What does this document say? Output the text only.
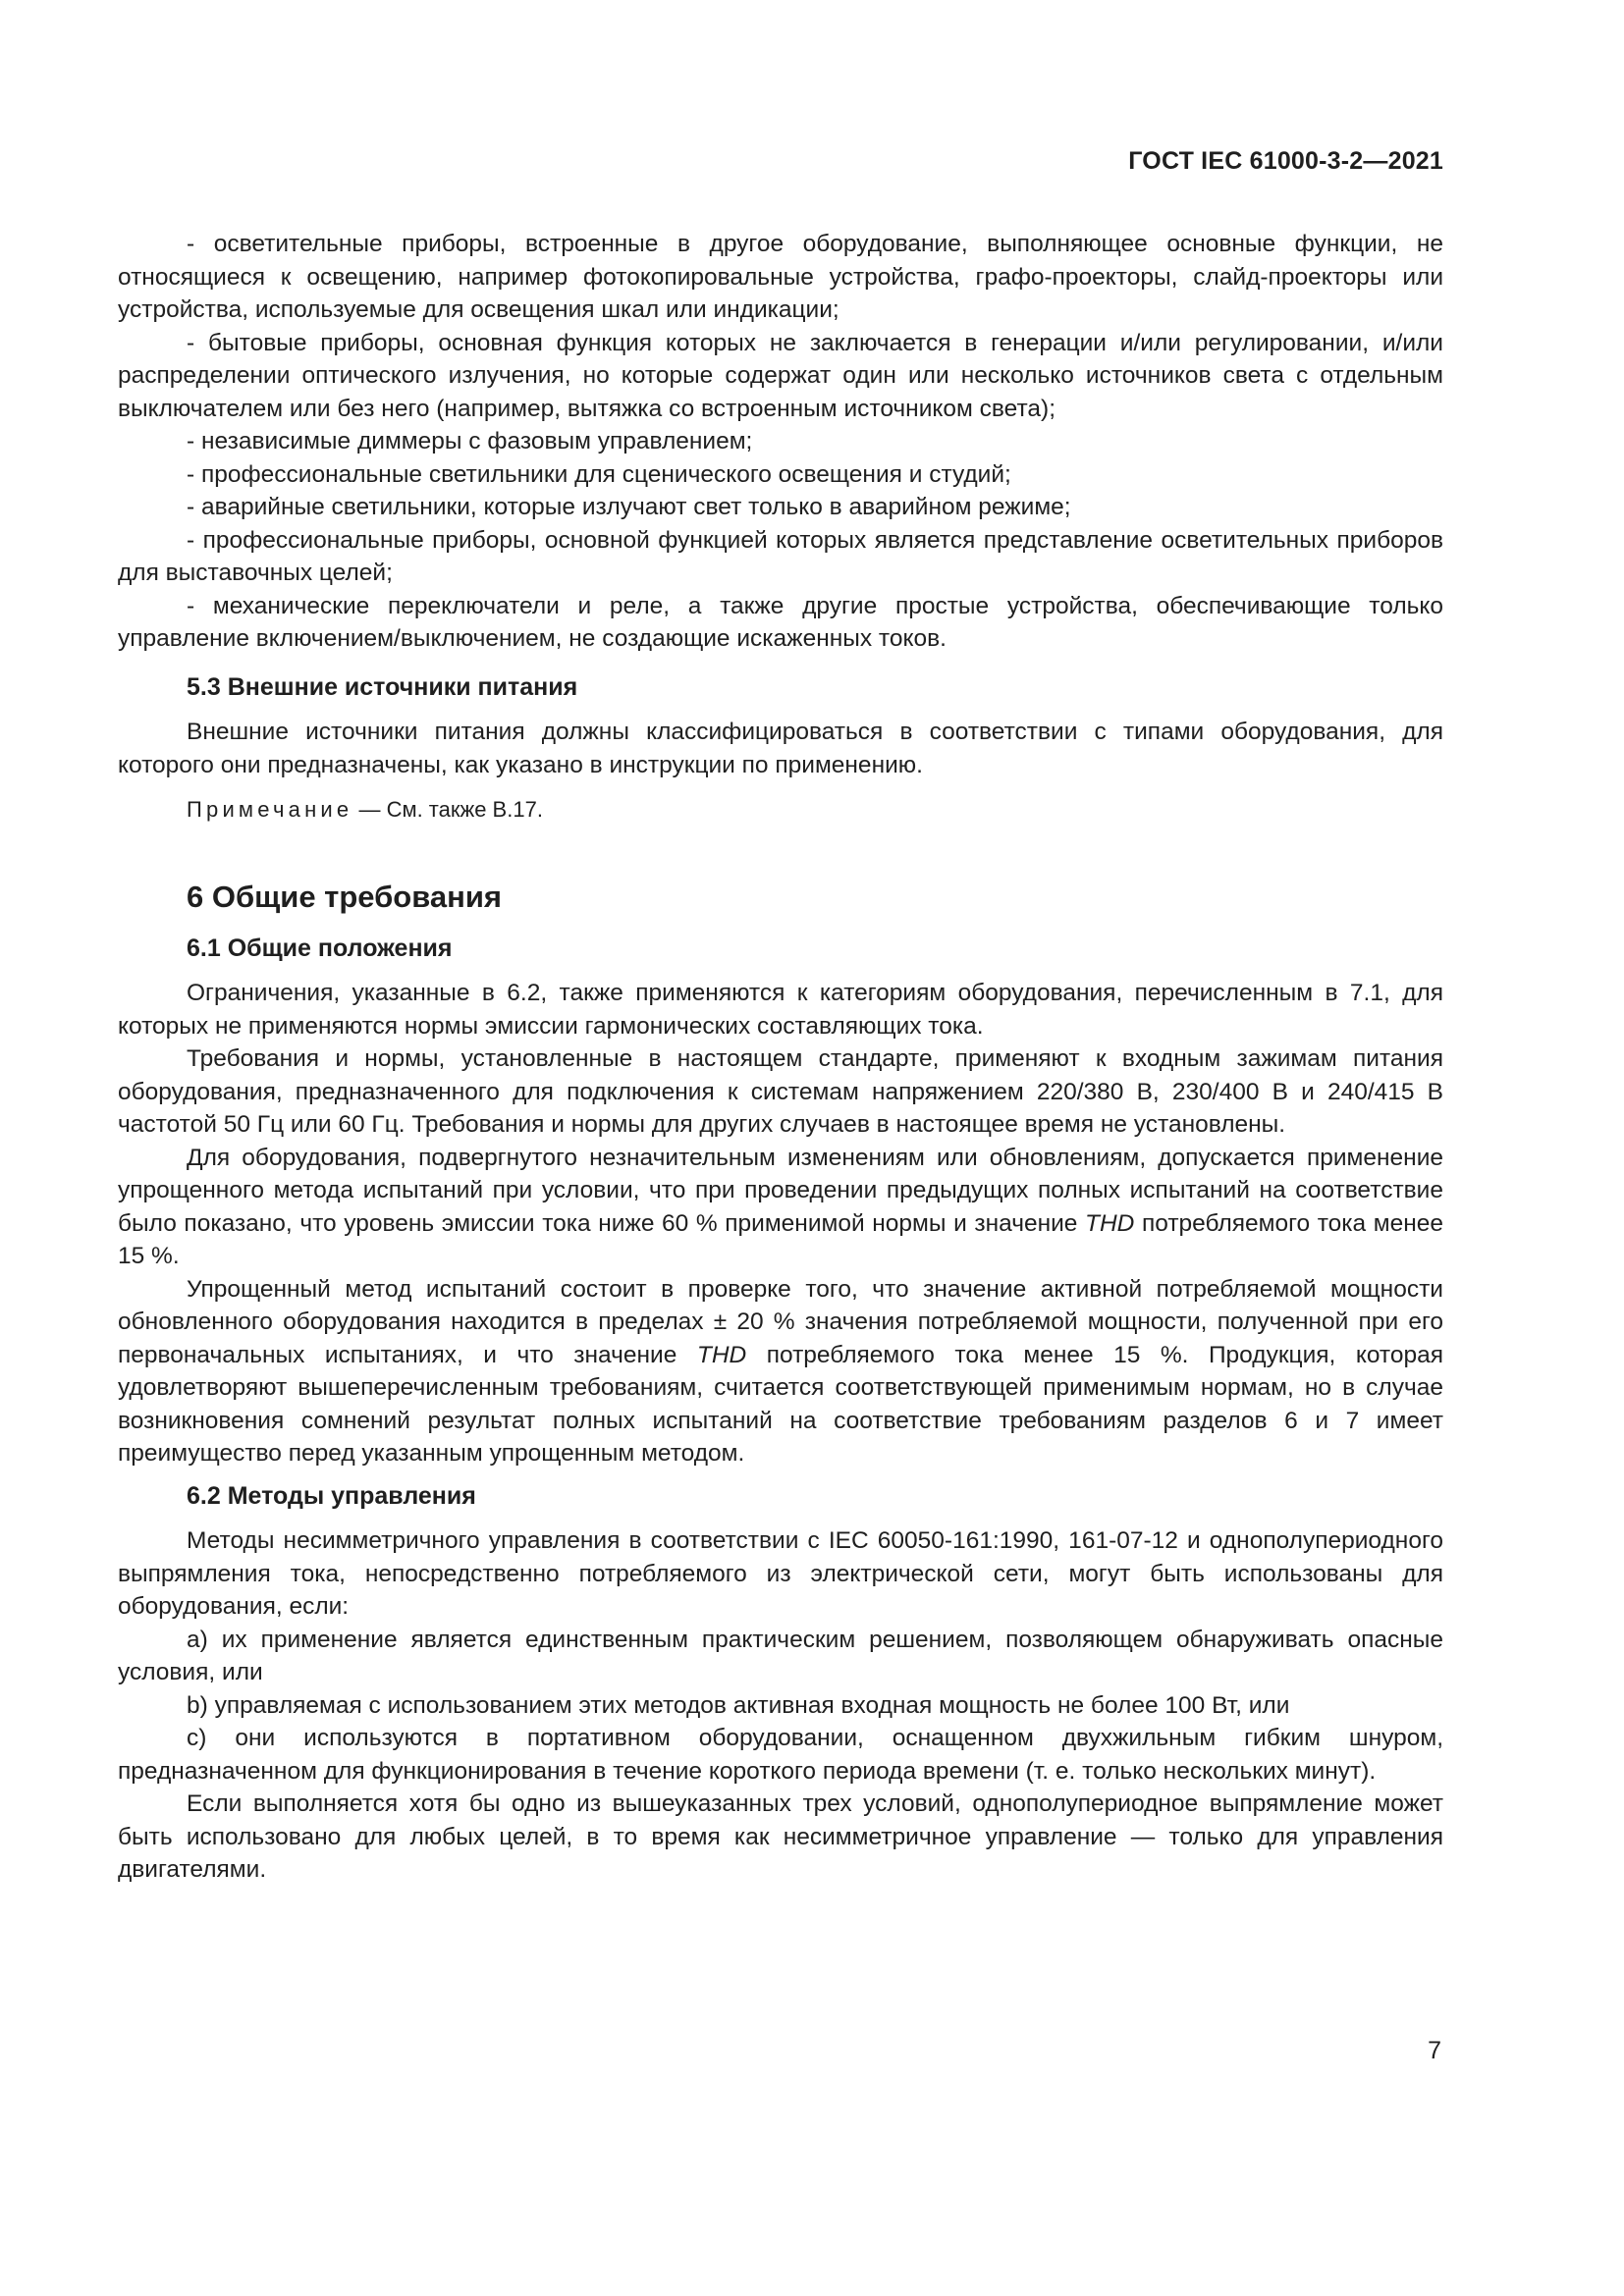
ГОСТ IEC 61000-3-2—2021

- осветительные приборы, встроенные в другое оборудование, выполняющее основные функции, не относящиеся к освещению, например фотокопировальные устройства, графо-проекторы, слайд-проекторы или устройства, используемые для освещения шкал или индикации;

- бытовые приборы, основная функция которых не заключается в генерации и/или регулировании, и/или распределении оптического излучения, но которые содержат один или несколько источников света с отдельным выключателем или без него (например, вытяжка со встроенным источником света);

- независимые диммеры с фазовым управлением;

- профессиональные светильники для сценического освещения и студий;

- аварийные светильники, которые излучают свет только в аварийном режиме;

- профессиональные приборы, основной функцией которых является представление осветительных приборов для выставочных целей;

- механические переключатели и реле, а также другие простые устройства, обеспечивающие только управление включением/выключением, не создающие искаженных токов.

5.3 Внешние источники питания

Внешние источники питания должны классифицироваться в соответствии с типами оборудования, для которого они предназначены, как указано в инструкции по применению.

Примечание — См. также В.17.

6 Общие требования
6.1 Общие положения

Ограничения, указанные в 6.2, также применяются к категориям оборудования, перечисленным в 7.1, для которых не применяются нормы эмиссии гармонических составляющих тока.

Требования и нормы, установленные в настоящем стандарте, применяют к входным зажимам питания оборудования, предназначенного для подключения к системам напряжением 220/380 В, 230/400 В и 240/415 В частотой 50 Гц или 60 Гц. Требования и нормы для других случаев в настоящее время не установлены.

Для оборудования, подвергнутого незначительным изменениям или обновлениям, допускается применение упрощенного метода испытаний при условии, что при проведении предыдущих полных испытаний на соответствие было показано, что уровень эмиссии тока ниже 60 % применимой нормы и значение THD потребляемого тока менее 15 %.

Упрощенный метод испытаний состоит в проверке того, что значение активной потребляемой мощности обновленного оборудования находится в пределах ± 20 % значения потребляемой мощности, полученной при его первоначальных испытаниях, и что значение THD потребляемого тока менее 15 %. Продукция, которая удовлетворяют вышеперечисленным требованиям, считается соответствующей применимым нормам, но в случае возникновения сомнений результат полных испытаний на соответствие требованиям разделов 6 и 7 имеет преимущество перед указанным упрощенным методом.

6.2 Методы управления

Методы несимметричного управления в соответствии с IEC 60050-161:1990, 161-07-12 и однополупериодного выпрямления тока, непосредственно потребляемого из электрической сети, могут быть использованы для оборудования, если:

a) их применение является единственным практическим решением, позволяющем обнаруживать опасные условия, или

b) управляемая с использованием этих методов активная входная мощность не более 100 Вт, или

c) они используются в портативном оборудовании, оснащенном двухжильным гибким шнуром, предназначенном для функционирования в течение короткого периода времени (т. е. только нескольких минут).

Если выполняется хотя бы одно из вышеуказанных трех условий, однополупериодное выпрямление может быть использовано для любых целей, в то время как несимметричное управление — только для управления двигателями.

7
